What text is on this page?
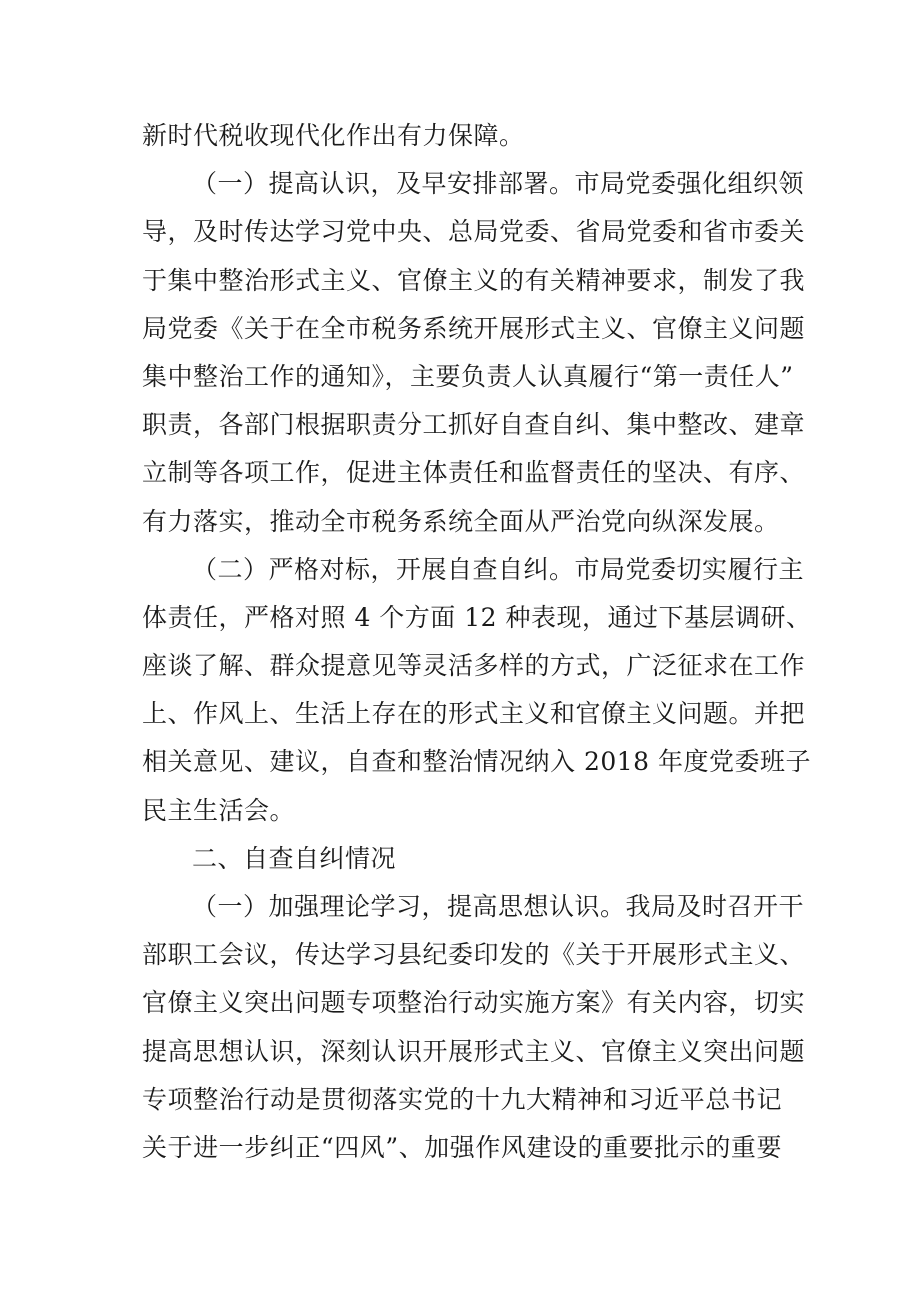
新时代税收现代化作出有力保障。
（一）提高认识，及早安排部署。市局党委强化组织领
导，及时传达学习党中央、总局党委、省局党委和省市委关
于集中整治形式主义、官僚主义的有关精神要求，制发了我
局党委《关于在全市税务系统开展形式主义、官僚主义问题
集中整治工作的通知》，主要负责人认真履行“第一责任人”
职责，各部门根据职责分工抓好自查自纠、集中整改、建章
立制等各项工作，促进主体责任和监督责任的坚决、有序、
有力落实，推动全市税务系统全面从严治党向纵深发展。
（二）严格对标，开展自查自纠。市局党委切实履行主
体责任，严格对照 4 个方面 12 种表现，通过下基层调研、
座谈了解、群众提意见等灵活多样的方式，广泛征求在工作
上、作风上、生活上存在的形式主义和官僚主义问题。并把
相关意见、建议，自查和整治情况纳入 2018 年度党委班子
民主生活会。
二、自查自纠情况
（一）加强理论学习，提高思想认识。我局及时召开干
部职工会议，传达学习县纪委印发的《关于开展形式主义、
官僚主义突出问题专项整治行动实施方案》有关内容，切实
提高思想认识，深刻认识开展形式主义、官僚主义突出问题
专项整治行动是贯彻落实党的十九大精神和习近平总书记
关于进一步纠正“四风”、加强作风建设的重要批示的重要
